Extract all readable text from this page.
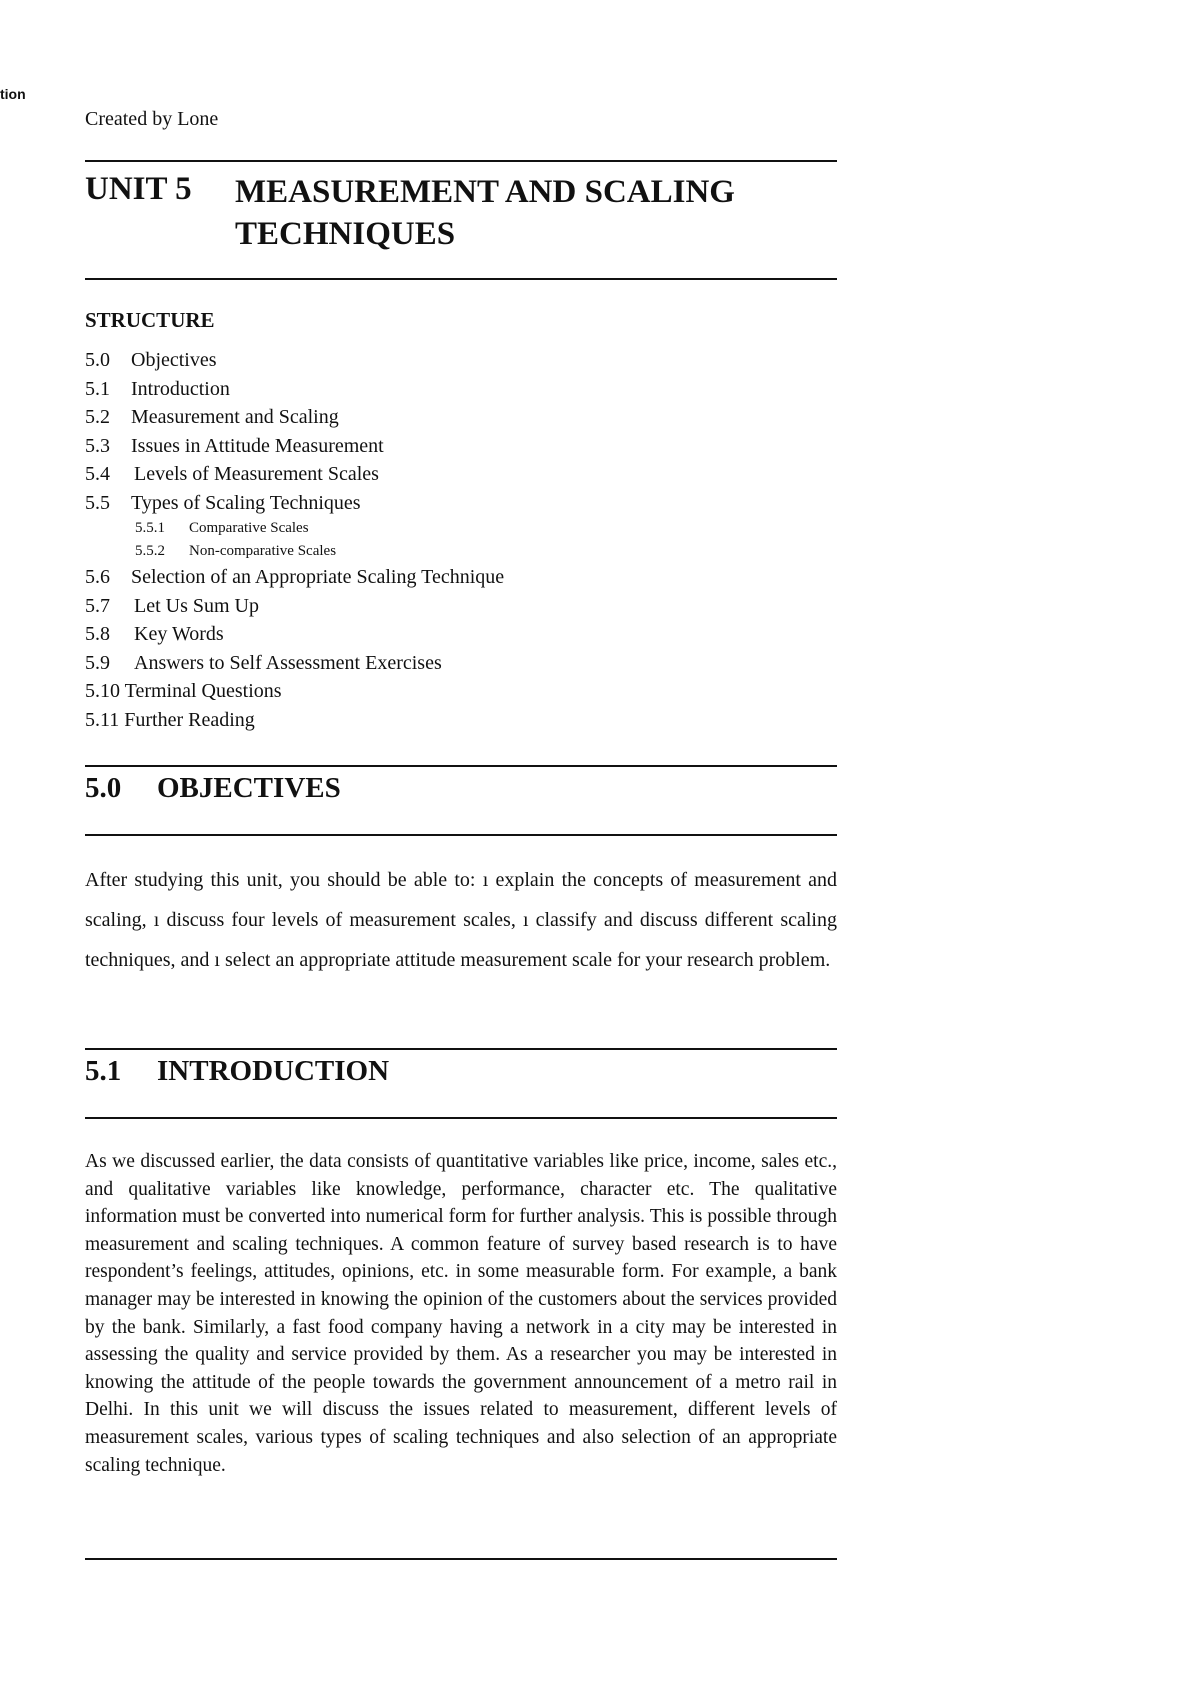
tion
Created by Lone
UNIT 5 MEASUREMENT AND SCALING
TECHNIQUES
STRUCTURE
5.0 Objectives
5.1 Introduction
5.2 Measurement and Scaling
5.3 Issues in Attitude Measurement
5.4 Levels of Measurement Scales
5.5 Types of Scaling Techniques
5.5.1 Comparative Scales
5.5.2 Non-comparative Scales
5.6 Selection of an Appropriate Scaling Technique
5.7 Let Us Sum Up
5.8 Key Words
5.9 Answers to Self Assessment Exercises
5.10 Terminal Questions
5.11 Further Reading
5.0 OBJECTIVES
After studying this unit, you should be able to: ı explain the concepts of measurement and scaling, ı discuss four levels of measurement scales, ı classify and discuss different scaling techniques, and ı select an appropriate attitude measurement scale for your research problem.
5.1 INTRODUCTION
As we discussed earlier, the data consists of quantitative variables like price, income, sales etc., and qualitative variables like knowledge, performance, character etc. The qualitative information must be converted into numerical form for further analysis. This is possible through measurement and scaling techniques. A common feature of survey based research is to have respondent’s feelings, attitudes, opinions, etc. in some measurable form. For example, a bank manager may be interested in knowing the opinion of the customers about the services provided by the bank. Similarly, a fast food company having a network in a city may be interested in assessing the quality and service provided by them. As a researcher you may be interested in knowing the attitude of the people towards the government announcement of a metro rail in Delhi. In this unit we will discuss the issues related to measurement, different levels of measurement scales, various types of scaling techniques and also selection of an appropriate scaling technique.
